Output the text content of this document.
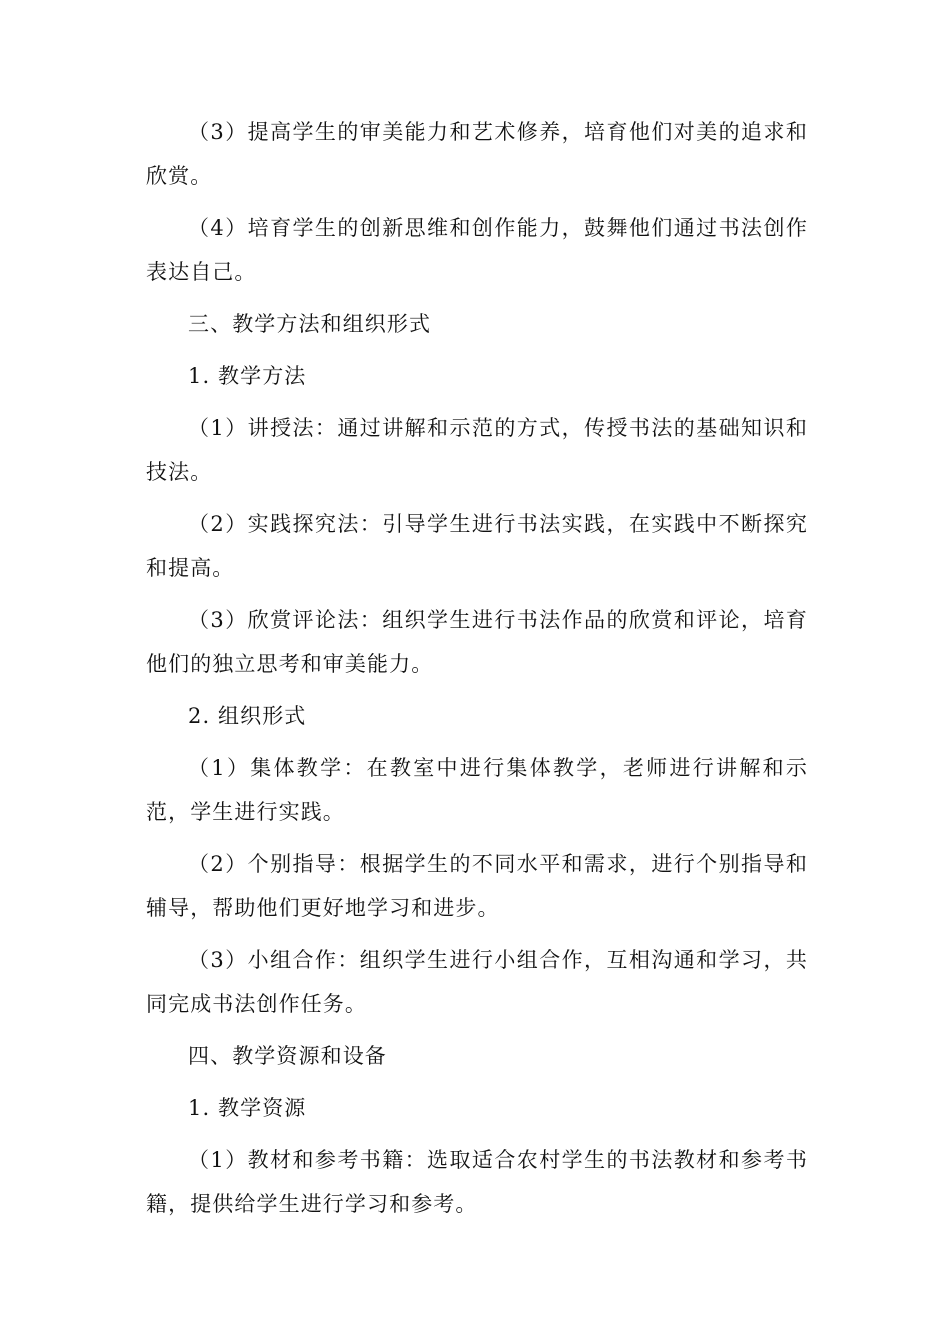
（3）提高学生的审美能力和艺术修养，培育他们对美的追求和欣赏。

（4）培育学生的创新思维和创作能力，鼓舞他们通过书法创作表达自己。

三、教学方法和组织形式

1. 教学方法

（1）讲授法：通过讲解和示范的方式，传授书法的基础知识和技法。

（2）实践探究法：引导学生进行书法实践，在实践中不断探究和提高。

（3）欣赏评论法：组织学生进行书法作品的欣赏和评论，培育他们的独立思考和审美能力。

2. 组织形式

（1）集体教学：在教室中进行集体教学，老师进行讲解和示范，学生进行实践。

（2）个别指导：根据学生的不同水平和需求，进行个别指导和辅导，帮助他们更好地学习和进步。

（3）小组合作：组织学生进行小组合作，互相沟通和学习，共同完成书法创作任务。

四、教学资源和设备

1. 教学资源

（1）教材和参考书籍：选取适合农村学生的书法教材和参考书籍，提供给学生进行学习和参考。
